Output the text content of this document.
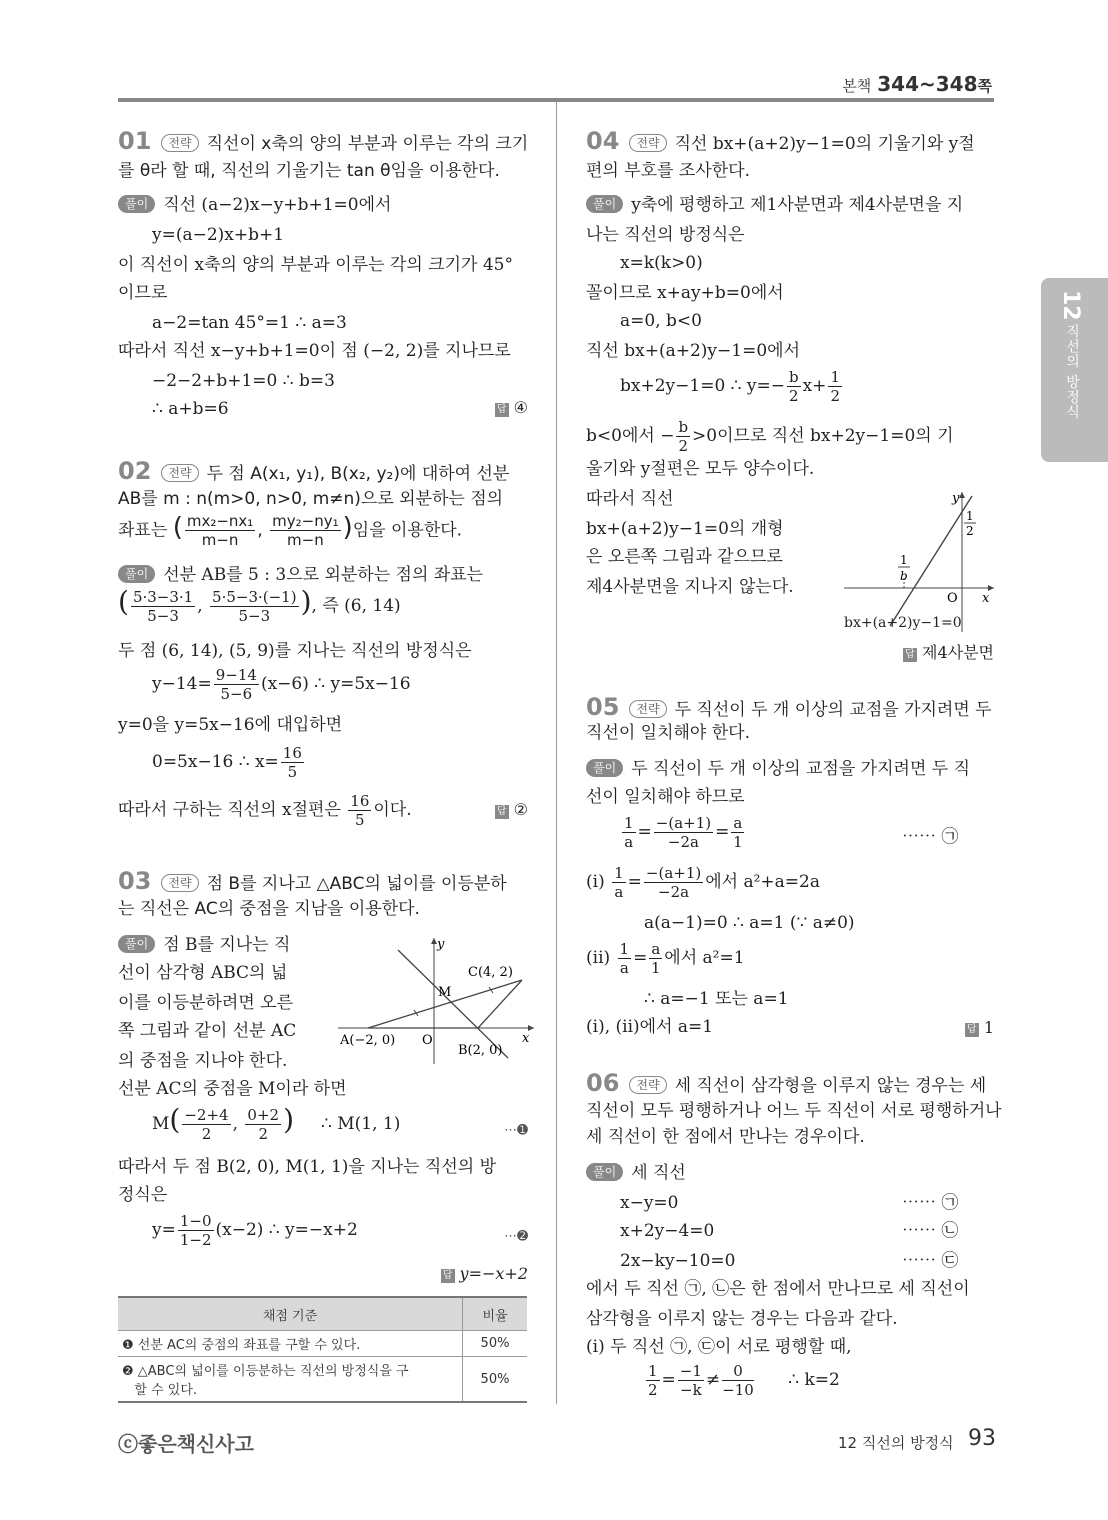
본책 344~348쪽
12
직선의 방정식
01 전략 직선이 x축의 양의 부분과 이루는 각의 크기
를 θ라 할 때, 직선의 기울기는 tan θ임을 이용한다.
풀이 직선 (a−2)x−y+b+1=0에서
y=(a−2)x+b+1
이 직선이 x축의 양의 부분과 이루는 각의 크기가 45°
이므로
a−2=tan 45°=1 ∴ a=3
따라서 직선 x−y+b+1=0이 점 (−2, 2)를 지나므로
−2−2+b+1=0 ∴ b=3
∴ a+b=6	답 ④
02 전략 두 점 A(x₁, y₁), B(x₂, y₂)에 대하여 선분
AB를 m : n(m>0, n>0, m≠n)으로 외분하는 점의
좌표는 ( $\frac{\text{mx₂−nx₁}}{m-n}$ , $\frac{\text{my₂−ny₁}}{m-n}$ )임을 이용한다.
풀이 선분 AB를 5 : 3으로 외분하는 점의 좌표는
( $\frac{5\cdot 3-3\cdot 1}{5-3}$ , $\frac{5\cdot 5-3\cdot(-1)}{5-3}$ ), 즉 (6, 14)
두 점 (6, 14), (5, 9)를 지나는 직선의 방정식은
$y-14= \frac{9-14}{5-6} (x-6)$ ∴ y=5x−16
y=0을 y=5x−16에 대입하면
0=5x−16 ∴ $x= \frac{16}{5}$
따라서 구하는 직선의 x절편은 $\frac{16}{5}$ 이다.	답 ②
03 전략 점 B를 지나고 △ABC의 넓이를 이등분하
는 직선은 AC의 중점을 지남을 이용한다.
풀이 점 B를 지나는 직
선이 삼각형 ABC의 넓
이를 이등분하려면 오른
쪽 그림과 같이 선분 AC
의 중점을 지나야 한다.
선분 AC의 중점을 M이라 하면
$M( \frac{-2+4}{2}$ , $\frac{0+2}{2}$ ) ∴ M(1, 1)	⋯➊
따라서 두 점 B(2, 0), M(1, 1)을 지나는 직선의 방
정식은
$y= \frac{1-0}{1-2} (x-2)$ ∴ y=−x+2	⋯➋
답 y=−x+2
y
x
C(4, 2)
M
A(−2, 0) O
B(2, 0)
채점 기준	비율
❶ 선분 AC의 중점의 좌표를 구할 수 있다.	50%
❷ △ABC의 넓이를 이등분하는 직선의 방정식을 구
할 수 있다.	50%
04 전략 직선 bx+(a+2)y−1=0의 기울기와 y절
편의 부호를 조사한다.
풀이 y축에 평행하고 제1사분면과 제4사분면을 지
나는 직선의 방정식은
x=k(k>0)
꼴이므로 x+ay+b=0에서
a=0, b<0
직선 bx+(a+2)y−1=0에서
bx+2y−1=0 ∴ $y=- \frac{b}{2} x+ \frac{1}{2}$
b<0에서 − $\frac{b}{2} >0$이므로 직선 bx+2y−1=0의 기
울기와 y절편은 모두 양수이다.
따라서 직선
bx+(a+2)y−1=0의 개형
은 오른쪽 그림과 같으므로
제4사분면을 지나지 않는다.
y
x
O
1
2
1
b
bx+(a+2)y−1=0
답 제4사분면
05 전략 두 직선이 두 개 이상의 교점을 가지려면 두
직선이 일치해야 한다.
풀이 두 직선이 두 개 이상의 교점을 가지려면 두 직
선이 일치해야 하므로
$\frac{1}{a} = \frac{-(a+1)}{-2a} = \frac{a}{1}$	⋯⋯ ㉠
$(i) \frac{1}{a} = \frac{-(a+1)}{-2a}$ 에서 a²+a=2a
a(a−1)=0 ∴ a=1 (∵ a≠0)
$(ii) \frac{1}{a} = \frac{a}{1}$ 에서 a²=1
∴ a=−1 또는 a=1
(i), (ii)에서 a=1	답 1
06 전략 세 직선이 삼각형을 이루지 않는 경우는 세
직선이 모두 평행하거나 어느 두 직선이 서로 평행하거나
세 직선이 한 점에서 만나는 경우이다.
풀이 세 직선
x−y=0	⋯⋯ ㉠
x+2y−4=0	⋯⋯ ㉡
2x−ky−10=0	⋯⋯ ㉢
에서 두 직선 ㉠, ㉡은 한 점에서 만나므로 세 직선이
삼각형을 이루지 않는 경우는 다음과 같다.
(i) 두 직선 ㉠, ㉢이 서로 평행할 때,
$\frac{1}{2} = \frac{-1}{-k} \ne \frac{0}{-10}$ ∴ k=2
ⓒ좋은책신사고	12 직선의 방정식 93
